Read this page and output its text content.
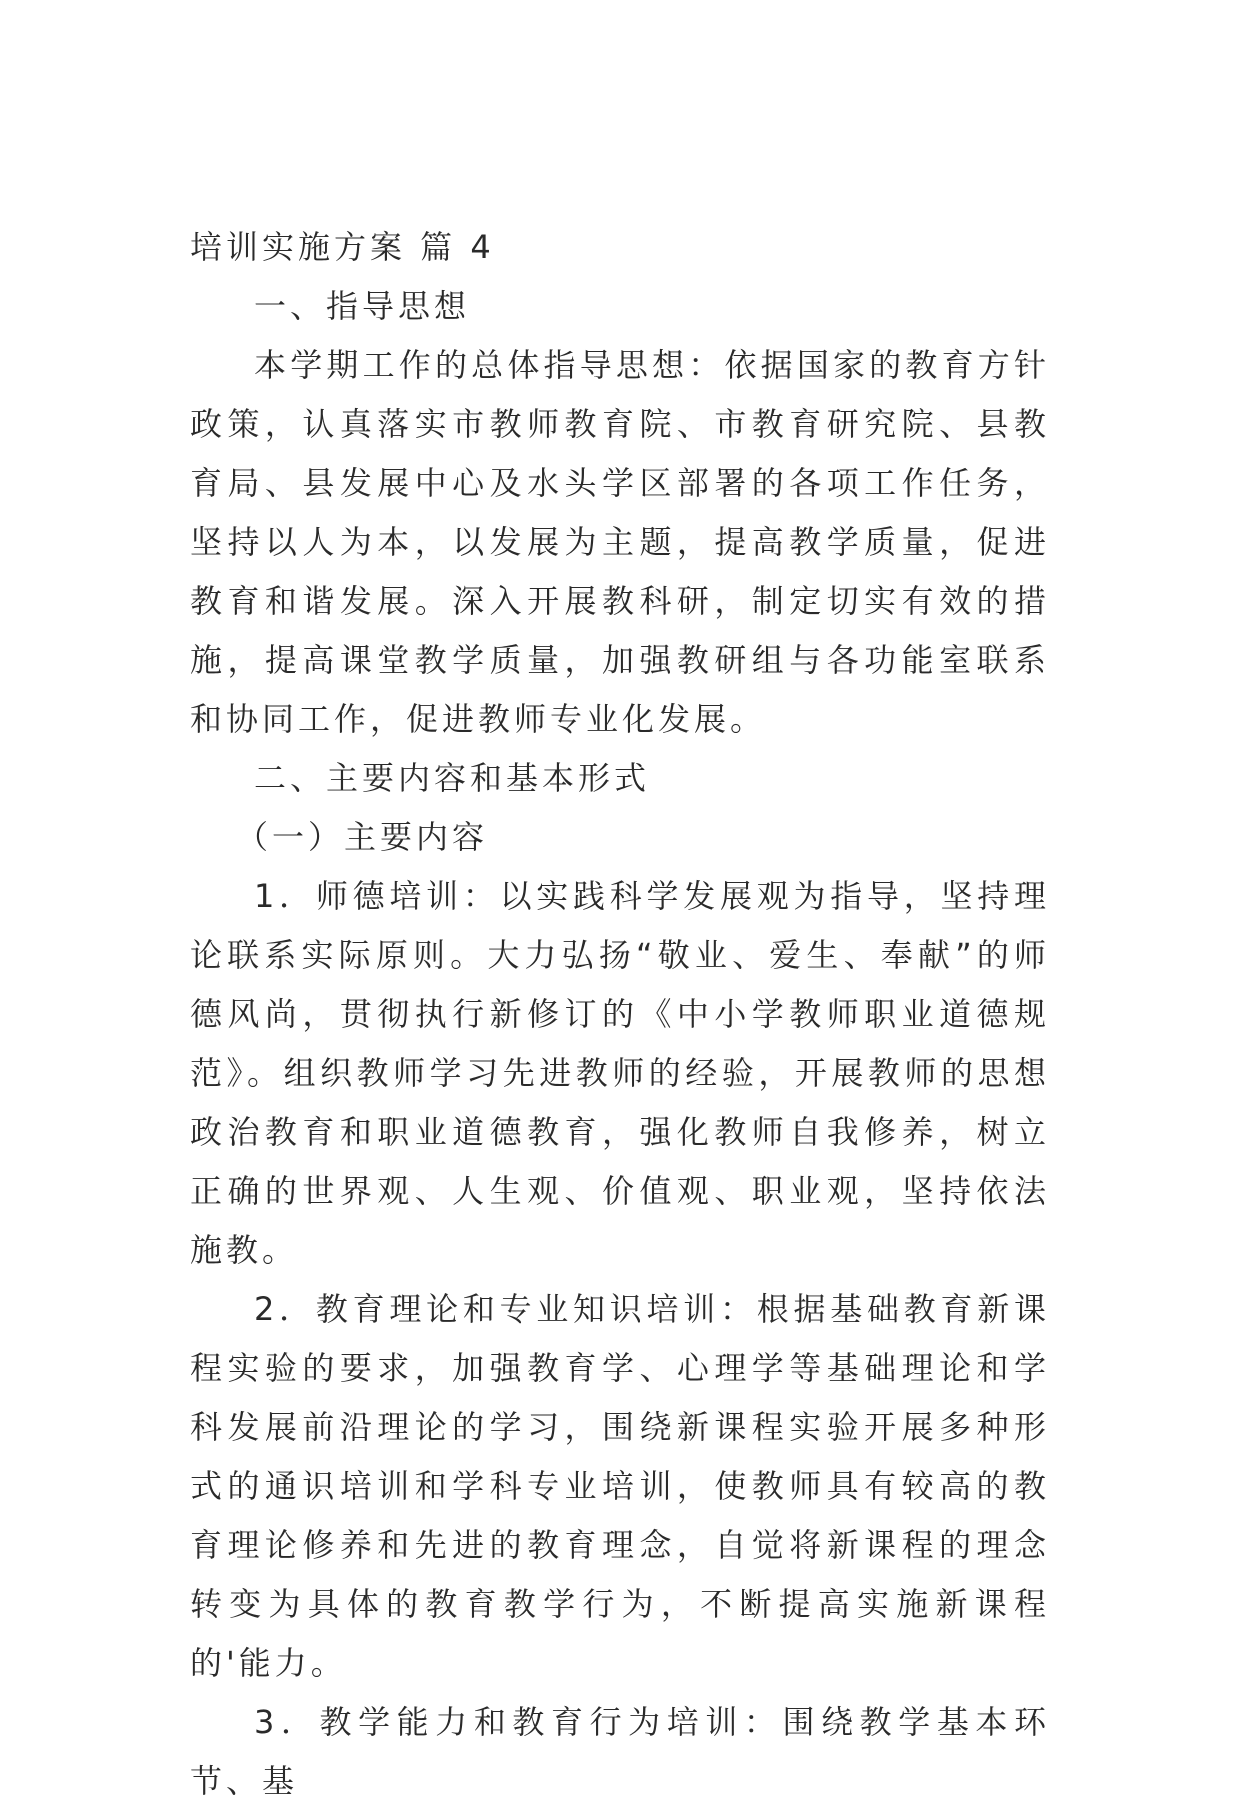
培训实施方案 篇 4

一、指导思想

本学期工作的总体指导思想：依据国家的教育方针政策，认真落实市教师教育院、市教育研究院、县教育局、县发展中心及水头学区部署的各项工作任务，坚持以人为本，以发展为主题，提高教学质量，促进教育和谐发展。深入开展教科研，制定切实有效的措施，提高课堂教学质量，加强教研组与各功能室联系和协同工作，促进教师专业化发展。

二、主要内容和基本形式

（一）主要内容

1．师德培训：以实践科学发展观为指导，坚持理论联系实际原则。大力弘扬“敬业、爱生、奉献”的师德风尚，贯彻执行新修订的《中小学教师职业道德规范》。组织教师学习先进教师的经验，开展教师的思想政治教育和职业道德教育，强化教师自我修养，树立正确的世界观、人生观、价值观、职业观，坚持依法施教。

2．教育理论和专业知识培训：根据基础教育新课程实验的要求，加强教育学、心理学等基础理论和学科发展前沿理论的学习，围绕新课程实验开展多种形式的通识培训和学科专业培训，使教师具有较高的教育理论修养和先进的教育理念，自觉将新课程的理念转变为具体的教育教学行为，不断提高实施新课程的'能力。

3．教学能力和教育行为培训：围绕教学基本环节、基
